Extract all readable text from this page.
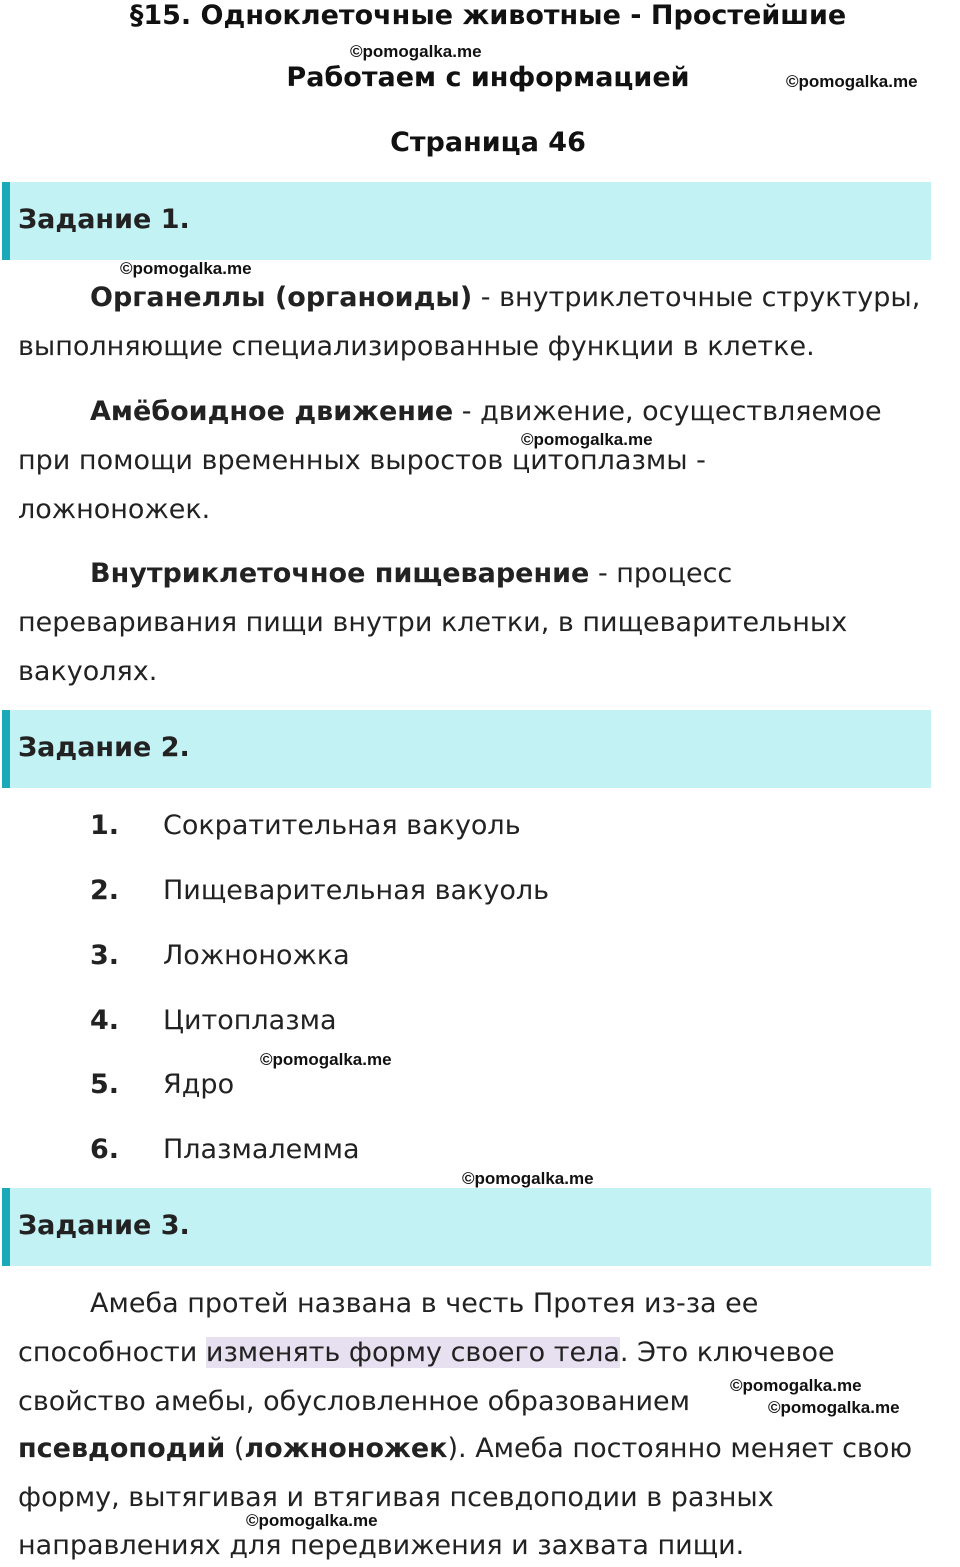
§15. Одноклеточные животные - Простейшие
©pomogalka.me
Работаем с информацией	©pomogalka.me
Страница 46
Задание 1.
©pomogalka.me
Органеллы (органоиды) - внутриклеточные структуры,
выполняющие специализированные функции в клетке.
Амёбоидное движение - движение, осуществляемое
©pomogalka.me
при помощи временных выростов цитоплазмы -
ложноножек.
Внутриклеточное пищеварение - процесс
переваривания пищи внутри клетки, в пищеварительных
вакуолях.
Задание 2.
1. Сократительная вакуоль
2. Пищеварительная вакуоль
3. Ложноножка
4. Цитоплазма
©pomogalka.me
5. Ядро
6. Плазмалемма
©pomogalka.me
Задание 3.
Амеба протей названа в честь Протея из-за ее
способности изменять форму своего тела. Это ключевое
©pomogalka.me
свойство амебы, обусловленное образованием	©pomogalka.me
псевдоподий (ложноножек). Амеба постоянно меняет свою
форму, вытягивая и втягивая псевдоподии в разных
©pomogalka.me
направлениях для передвижения и захвата пищи.
